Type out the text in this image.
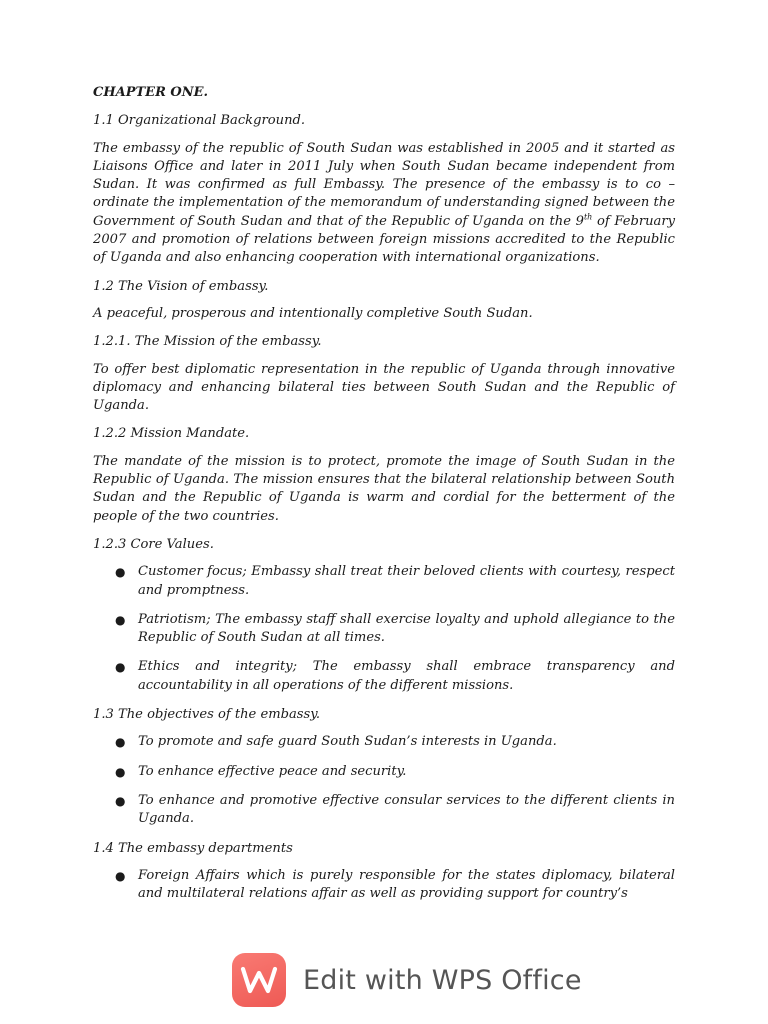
CHAPTER ONE.

1.1 Organizational Background.

The embassy of the republic of South Sudan was established in 2005 and it started as Liaisons Office and later in 2011 July when South Sudan became independent from Sudan. It was confirmed as full Embassy. The presence of the embassy is to co –ordinate the implementation of the memorandum of understanding signed between the Government of South Sudan and that of the Republic of Uganda on the 9th of February 2007 and promotion of relations between foreign missions accredited to the Republic of Uganda and also enhancing cooperation with international organizations.

1.2 The Vision of embassy.

A peaceful, prosperous and intentionally completive South Sudan.

1.2.1. The Mission of the embassy.

To offer best diplomatic representation in the republic of Uganda through innovative diplomacy and enhancing bilateral ties between South Sudan and the Republic of Uganda.

1.2.2 Mission Mandate.

The mandate of the mission is to protect, promote the image of South Sudan in the Republic of Uganda. The mission ensures that the bilateral relationship between South Sudan and the Republic of Uganda is warm and cordial for the betterment of the people of the two countries.

1.2.3 Core Values.

● Customer focus; Embassy shall treat their beloved clients with courtesy, respect and promptness.
● Patriotism; The embassy staff shall exercise loyalty and uphold allegiance to the Republic of South Sudan at all times.
● Ethics and integrity; The embassy shall embrace transparency and accountability in all operations of the different missions.

1.3 The objectives of the embassy.

● To promote and safe guard South Sudan’s interests in Uganda.
● To enhance effective peace and security.
● To enhance and promotive effective consular services to the different clients in Uganda.

1.4 The embassy departments

● Foreign Affairs which is purely responsible for the states diplomacy, bilateral and multilateral relations affair as well as providing support for country’s
Edit with WPS Office
